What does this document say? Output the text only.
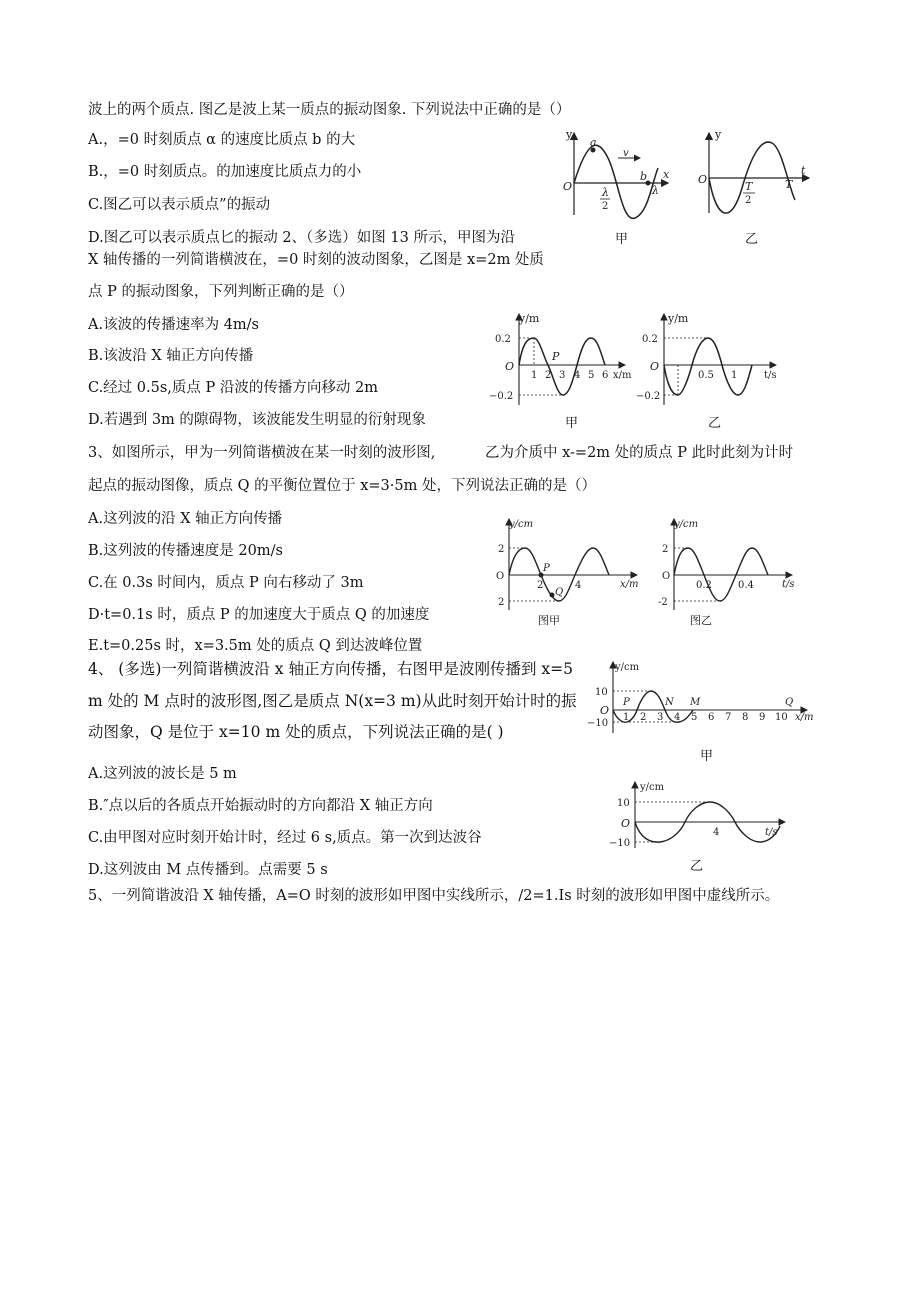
波上的两个质点. 图乙是波上某一质点的振动图象. 下列说法中正确的是（）
A.，=0 时刻质点 α 的速度比质点 b 的大
B.，=0 时刻质点。的加速度比质点力的小
C.图乙可以表示质点”的振动
D.图乙可以表示质点匕的振动 2、（多选）如图 13 所示，甲图为沿
X 轴传播的一列简谐横波在，=0 时刻的波动图象，乙图是 x=2m 处质
点 P 的振动图象，下列判断正确的是（）
A.该波的传播速率为 4m/s
B.该波沿 X 轴正方向传播
C.经过 0.5s,质点 P 沿波的传播方向移动 2m
D.若遇到 3m 的隙碍物，该波能发生明显的衍射现象
3、如图所示，甲为一列简谐横波在某一时刻的波形图,	乙为介质中 x-=2m 处的质点 P 此时此刻为计时
起点的振动图像，质点 Q 的平衡位置位于 x=3·5m 处，下列说法正确的是（）
A.这列波的沿 X 轴正方向传播
B.这列波的传播速度是 20m∕s
C.在 0.3s 时间内，质点 P 向右移动了 3m
D·t=0.1s 时，质点 P 的加速度大于质点 Q 的加速度
E.t=0.25s 时，x=3.5m 处的质点 Q 到达波峰位置
4、 (多选)一列简谐横波沿 x 轴正方向传播，右图甲是波刚传播到 x=5
m 处的 M 点时的波形图,图乙是质点 N(x=3 m)从此时刻开始计时的振
动图象，Q 是位于 x=10 m 处的质点，下列说法正确的是( )
A.这列波的波长是 5 m
B.″点以后的各质点开始振动时的方向都沿 X 轴正方向
C.由甲图对应时刻开始计时，经过 6 s,质点。第一次到达波谷
D.这列波由 M 点传播到。点需要 5 s
5、一列简谐波沿 X 轴传播，A=O 时刻的波形如甲图中实线所示，/2=1.Is 时刻的波形如甲图中虚线所示。
y
x
O
a
b
v
λ
2
λ
甲
y
t
O
T
2
T
乙
y/m
x/m
O
P
0.2
−0.2
1 2 3 4 5 6
甲
y/m
t/s
O
0.2
−0.2
0.5 1
乙
y/cm
x/m
O
P
Q
2
2
2	4
图甲
y/cm
t/s
O
2
-2
0.2	0.4
图乙
y/cm
x/m
O
10
−10
P	N M	Q
1 2 3 4 5 6 7 8 9 10
甲
y/cm
t/s
O
10
−10
4
乙
